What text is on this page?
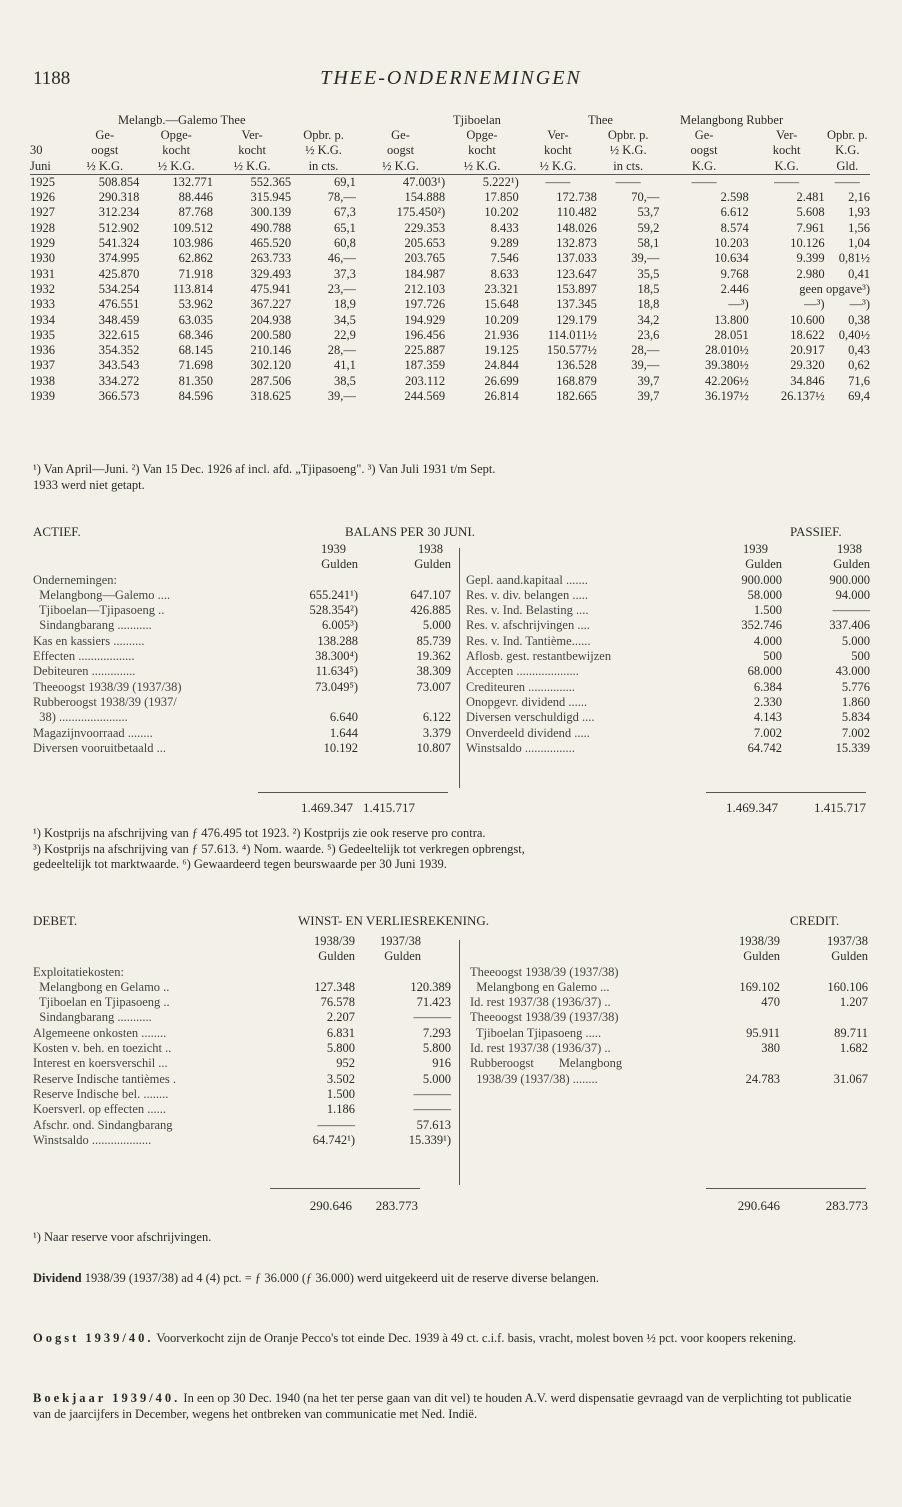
1188	THEE-ONDERNEMINGEN
Melangb.—Galemo Thee	Tjiboelan	Thee	Melangbong Rubber
	Ge-	Opge-	Ver-	Opbr. p.	Ge-	Opge-	Ver-	Opbr. p.	Ge-	Ver-	Opbr. p.
30	oogst	kocht	kocht	½ K.G.	oogst	kocht	kocht	½ K.G.	oogst	kocht	K.G.
Juni	½ K.G.	½ K.G.	½ K.G.	in cts.	½ K.G.	½ K.G.	½ K.G.	in cts.	K.G.	K.G.	Gld.
1925	508.854	132.771	552.365	69,1	47.003¹)	5.222¹)	——	——	——	——	——
1926	290.318	88.446	315.945	78,—	154.888	17.850	172.738	70,—	2.598	2.481	2,16
1927	312.234	87.768	300.139	67,3	175.450²)	10.202	110.482	53,7	6.612	5.608	1,93
1928	512.902	109.512	490.788	65,1	229.353	8.433	148.026	59,2	8.574	7.961	1,56
1929	541.324	103.986	465.520	60,8	205.653	9.289	132.873	58,1	10.203	10.126	1,04
1930	374.995	62.862	263.733	46,—	203.765	7.546	137.033	39,—	10.634	9.399	0,81½
1931	425.870	71.918	329.493	37,3	184.987	8.633	123.647	35,5	9.768	2.980	0,41
1932	534.254	113.814	475.941	23,—	212.103	23.321	153.897	18,5	2.446	geen opgave³)	
1933	476.551	53.962	367.227	18,9	197.726	15.648	137.345	18,8	—³)	—³)	—³)
1934	348.459	63.035	204.938	34,5	194.929	10.209	129.179	34,2	13.800	10.600	0,38
1935	322.615	68.346	200.580	22,9	196.456	21.936	114.011½	23,6	28.051	18.622	0,40½
1936	354.352	68.145	210.146	28,—	225.887	19.125	150.577½	28,—	28.010½	20.917	0,43
1937	343.543	71.698	302.120	41,1	187.359	24.844	136.528	39,—	39.380½	29.320	0,62
1938	334.272	81.350	287.506	38,5	203.112	26.699	168.879	39,7	42.206½	34.846	71,6
1939	366.573	84.596	318.625	39,—	244.569	26.814	182.665	39,7	36.197½	26.137½	69,4
¹) Van April—Juni. ²) Van 15 Dec. 1926 af incl. afd. „Tjipasoeng". ³) Van Juli 1931 t/m Sept.
1933 werd niet getapt.
ACTIEF.	BALANS PER 30 JUNI.	PASSIEF.
	1939	1938
	Gulden	Gulden
Ondernemingen:		
Melangbong—Galemo ....	655.241¹)	647.107
Tjiboelan—Tjipasoeng ..	528.354²)	426.885
Sindangbarang ...........	6.005³)	5.000
Kas en kassiers ..........	138.288	85.739
Effecten ..................	38.300⁴)	19.362
Debiteuren ..............	11.634⁵)	38.309
Theeoogst 1938/39 (1937/38)	73.049⁵)	73.007
Rubberoogst 1938/39 (1937/		
38) ......................	6.640	6.122
Magazijnvoorraad ........	1.644	3.379
Diversen vooruitbetaald ...	10.192	10.807
1.469.347 1.415.717
	1939	1938
	Gulden	Gulden

Gepl. aand.kapitaal .......	900.000	900.000
Res. v. div. belangen .....	58.000	94.000
Res. v. Ind. Belasting ....	1.500	———
Res. v. afschrijvingen ....	352.746	337.406
Res. v. Ind. Tantième......	4.000	5.000
Aflosb. gest. restantbewijzen	500	500
Accepten ....................	68.000	43.000
Crediteuren ...............	6.384	5.776
Onopgevr. dividend ......	2.330	1.860
Diversen verschuldigd ....	4.143	5.834
Onverdeeld dividend .....	7.002	7.002
Winstsaldo ................	64.742	15.339
1.469.347	1.415.717
¹) Kostprijs na afschrijving van ƒ 476.495 tot 1923. ²) Kostprijs zie ook reserve pro contra.
³) Kostprijs na afschrijving van ƒ 57.613. ⁴) Nom. waarde. ⁵) Gedeeltelijk tot verkregen opbrengst,
gedeeltelijk tot marktwaarde. ⁶) Gewaardeerd tegen beurswaarde per 30 Juni 1939.
DEBET.	WINST- EN VERLIESREKENING.	CREDIT.
	1938/39	1937/38
	Gulden	Gulden
Exploitatiekosten:		
Melangbong en Gelamo ..	127.348	120.389
Tjiboelan en Tjipasoeng ..	76.578	71.423
Sindangbarang ...........	2.207	———
Algemeene onkosten ........	6.831	7.293
Kosten v. beh. en toezicht ..	5.800	5.800
Interest en koersverschil ...	952	916
Reserve Indische tantièmes .	3.502	5.000
Reserve Indische bel. ........	1.500	———
Koersverl. op effecten ......	1.186	———
Afschr. ond. Sindangbarang	———	57.613
Winstsaldo ...................	64.742¹)	15.339¹)
290.646	283.773
	1938/39	1937/38
	Gulden	Gulden
Theeoogst 1938/39 (1937/38)		
Melangbong en Galemo ...	169.102	160.106
Id. rest 1937/38 (1936/37) ..	470	1.207
Theeoogst 1938/39 (1937/38)		
Tjiboelan Tjipasoeng .....	95.911	89.711
Id. rest 1937/38 (1936/37) ..	380	1.682
Rubberoogst        Melangbong		
1938/39 (1937/38) ........	24.783	31.067
290.646	283.773
¹) Naar reserve voor afschrijvingen.
Dividend 1938/39 (1937/38) ad 4 (4) pct. = ƒ 36.000 (ƒ 36.000) werd uitgekeerd uit de reserve diverse belangen.
Oogst 1939/40. Voorverkocht zijn de Oranje Pecco's tot einde Dec. 1939 à 49 ct. c.i.f. basis, vracht, molest boven ½ pct. voor koopers rekening.
Boekjaar 1939/40. In een op 30 Dec. 1940 (na het ter perse gaan van dit vel) te houden A.V. werd dispensatie gevraagd van de verplichting tot publicatie van de jaarcijfers in December, wegens het ontbreken van communicatie met Ned. Indië.
